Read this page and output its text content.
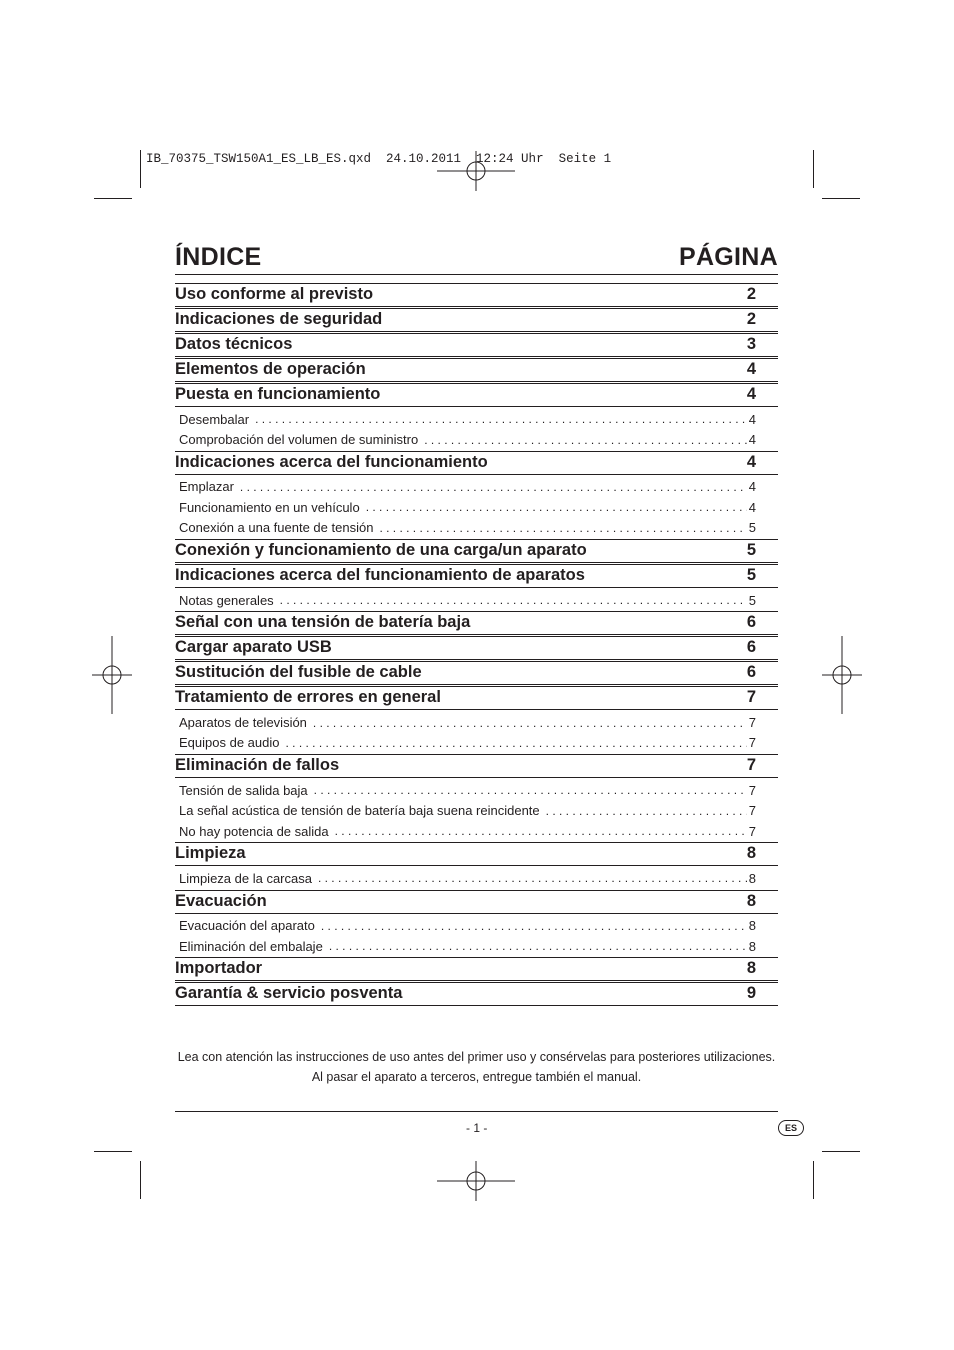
IB_70375_TSW150A1_ES_LB_ES.qxd  24.10.2011  12:24 Uhr  Seite 1
ÍNDICE	PÁGINA
Uso conforme al previsto	2
Indicaciones de seguridad	2
Datos técnicos	3
Elementos de operación	4
Puesta en funcionamiento	4
Desembalar . . .	4
Comprobación del volumen de suministro . . .	4
Indicaciones acerca del funcionamiento	4
Emplazar . . .	4
Funcionamiento en un vehículo . . .	4
Conexión a una fuente de tensión . . .	5
Conexión y funcionamiento de una carga/un aparato	5
Indicaciones acerca del funcionamiento de aparatos	5
Notas generales . . .	5
Señal con una tensión de batería baja	6
Cargar aparato USB	6
Sustitución del fusible de cable	6
Tratamiento de errores en general	7
Aparatos de televisión . . .	7
Equipos de audio . . .	7
Eliminación de fallos	7
Tensión de salida baja . . .	7
La señal acústica de tensión de batería baja suena reincidente . . .	7
No hay potencia de salida . . .	7
Limpieza	8
Limpieza de la carcasa . . .	8
Evacuación	8
Evacuación del aparato . . .	8
Eliminación del embalaje . . .	8
Importador	8
Garantía & servicio posventa	9
Lea con atención las instrucciones de uso antes del primer uso y consérvelas para posteriores utilizaciones.
Al pasar el aparato a terceros, entregue también el manual.
- 1 -	ES
